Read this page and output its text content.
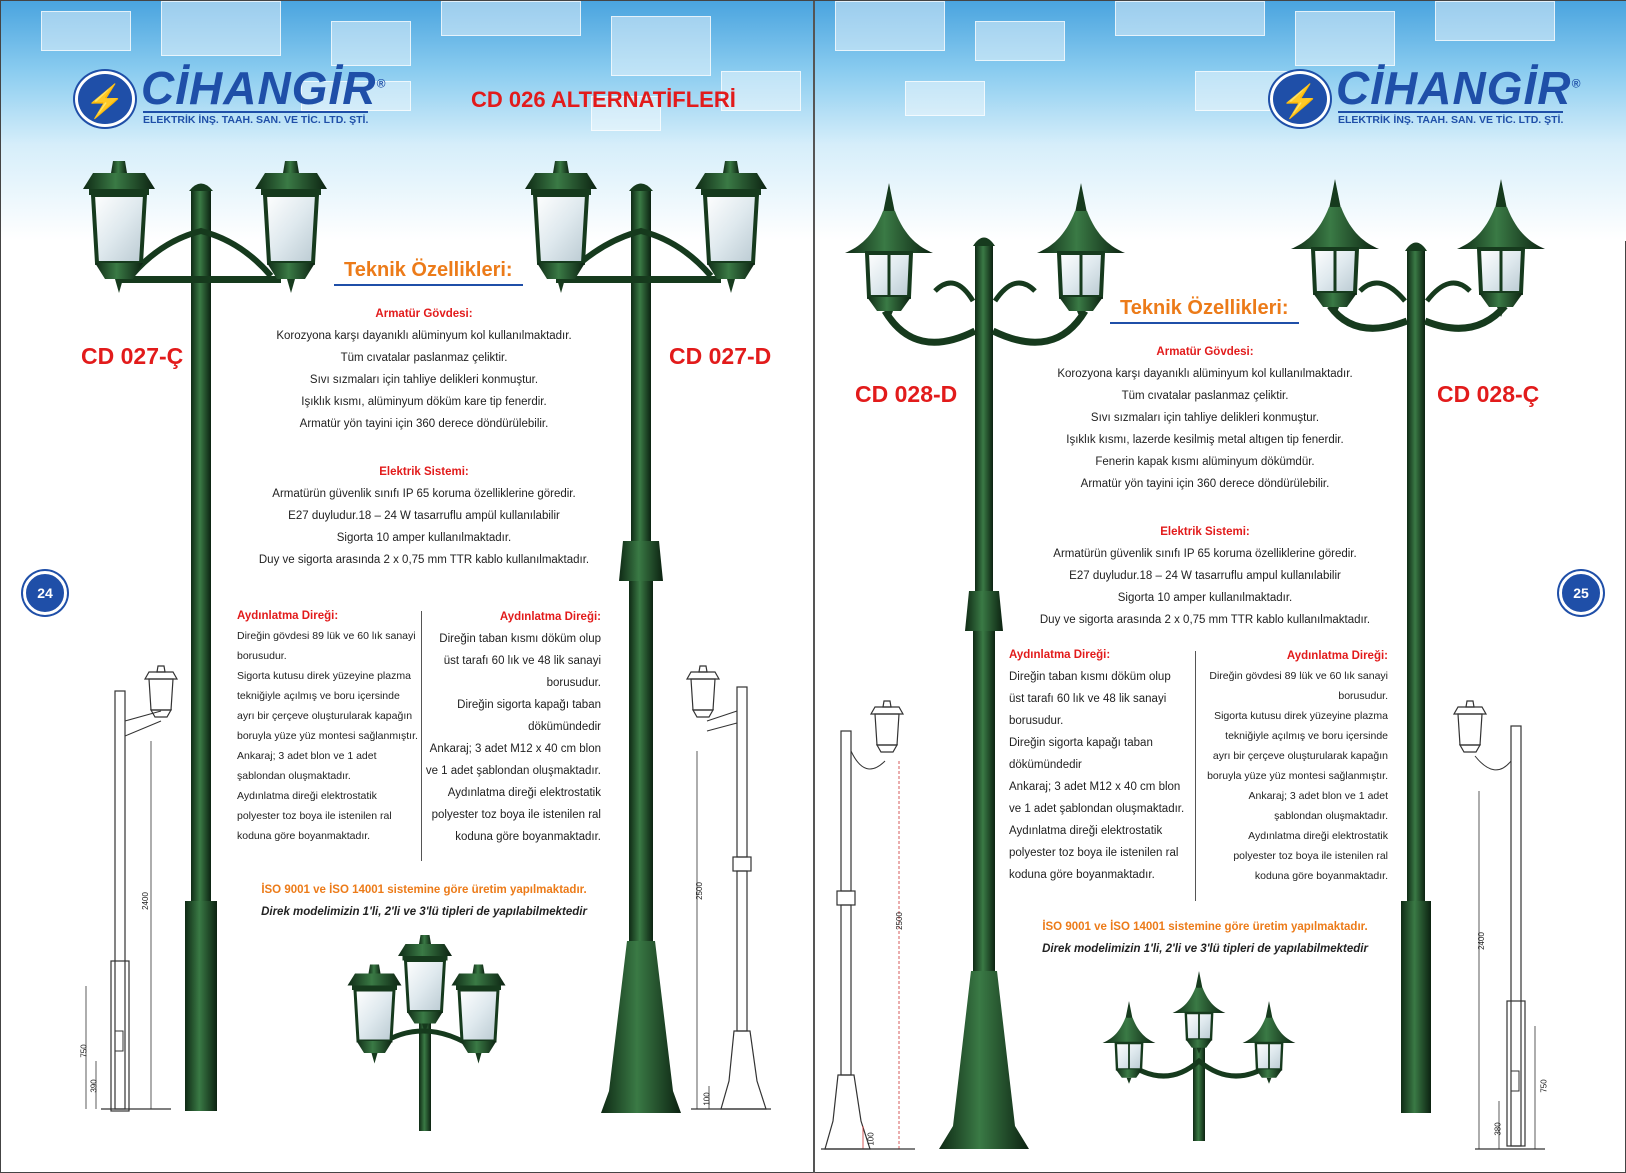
⚡ CİHANGİR®
ELEKTRİK İNŞ. TAAH. SAN. VE TİC. LTD. ŞTİ.
CD 026 ALTERNATİFLERİ
2400
750
390
2500
100
CD 027-Ç	CD 027-D
Teknik Özellikleri:
Armatür Gövdesi:
Korozyona karşı dayanıklı alüminyum kol kullanılmaktadır.
Tüm cıvatalar paslanmaz çeliktir.
Sıvı sızmaları için tahliye delikleri konmuştur.
Işıklık kısmı, alüminyum döküm kare tip fenerdir.
Armatür yön tayini için 360 derece döndürülebilir.
Elektrik Sistemi:
Armatürün güvenlik sınıfı IP 65 koruma özelliklerine göredir.
E27 duyludur.18 – 24 W tasarruflu ampül kullanılabilir
Sigorta 10 amper kullanılmaktadır.
Duy ve sigorta arasında 2 x 0,75 mm TTR kablo kullanılmaktadır.
Aydınlatma Direği:
Direğin gövdesi 89 lük ve 60 lık sanayi
borusudur.
Sigorta kutusu direk yüzeyine plazma
tekniğiyle açılmış ve boru içersinde
ayrı bir çerçeve oluşturularak kapağın
boruyla yüze yüz montesi sağlanmıştır.
Ankaraj; 3 adet blon ve 1 adet
şablondan oluşmaktadır.
Aydınlatma direği elektrostatik
polyester toz boya ile istenilen ral
koduna göre boyanmaktadır.
Aydınlatma Direği:
Direğin taban kısmı döküm olup
üst tarafı 60 lık ve 48 lik sanayi
borusudur.
Direğin sigorta kapağı taban
dökümündedir
Ankaraj; 3 adet M12 x 40 cm blon
ve 1 adet şablondan oluşmaktadır.
Aydınlatma direği elektrostatik
polyester toz boya ile istenilen ral
koduna göre boyanmaktadır.
İSO 9001 ve İSO 14001 sistemine göre üretim yapılmaktadır.
Direk modelimizin 1'li, 2'li ve 3'lü tipleri de yapılabilmektedir
24
⚡ CİHANGİR®
ELEKTRİK İNŞ. TAAH. SAN. VE TİC. LTD. ŞTİ.
2500
100
2400
750
380
CD 028-D	CD 028-Ç
Teknik Özellikleri:
Armatür Gövdesi:
Korozyona karşı dayanıklı alüminyum kol kullanılmaktadır.
Tüm cıvatalar paslanmaz çeliktir.
Sıvı sızmaları için tahliye delikleri konmuştur.
Işıklık kısmı, lazerde kesilmiş metal altıgen tip fenerdir.
Fenerin kapak kısmı alüminyum dökümdür.
Armatür yön tayini için 360 derece döndürülebilir.
Elektrik Sistemi:
Armatürün güvenlik sınıfı IP 65 koruma özelliklerine göredir.
E27 duyludur.18 – 24 W tasarruflu ampul kullanılabilir
Sigorta 10 amper kullanılmaktadır.
Duy ve sigorta arasında 2 x 0,75 mm TTR kablo kullanılmaktadır.
Aydınlatma Direği:
Direğin taban kısmı döküm olup
üst tarafı 60 lık ve 48 lik sanayi
borusudur.
Direğin sigorta kapağı taban
dökümündedir
Ankaraj; 3 adet M12 x 40 cm blon
ve 1 adet şablondan oluşmaktadır.
Aydınlatma direği elektrostatik
polyester toz boya ile istenilen ral
koduna göre boyanmaktadır.
Aydınlatma Direği:
Direğin gövdesi 89 lük ve 60 lık sanayi
borusudur.
Sigorta kutusu direk yüzeyine plazma
tekniğiyle açılmış ve boru içersinde
ayrı bir çerçeve oluşturularak kapağın
boruyla yüze yüz montesi sağlanmıştır.
Ankaraj; 3 adet blon ve 1 adet
şablondan oluşmaktadır.
Aydınlatma direği elektrostatik
polyester toz boya ile istenilen ral
koduna göre boyanmaktadır.
İSO 9001 ve İSO 14001 sistemine göre üretim yapılmaktadır.
Direk modelimizin 1'li, 2'li ve 3'lü tipleri de yapılabilmektedir
25
